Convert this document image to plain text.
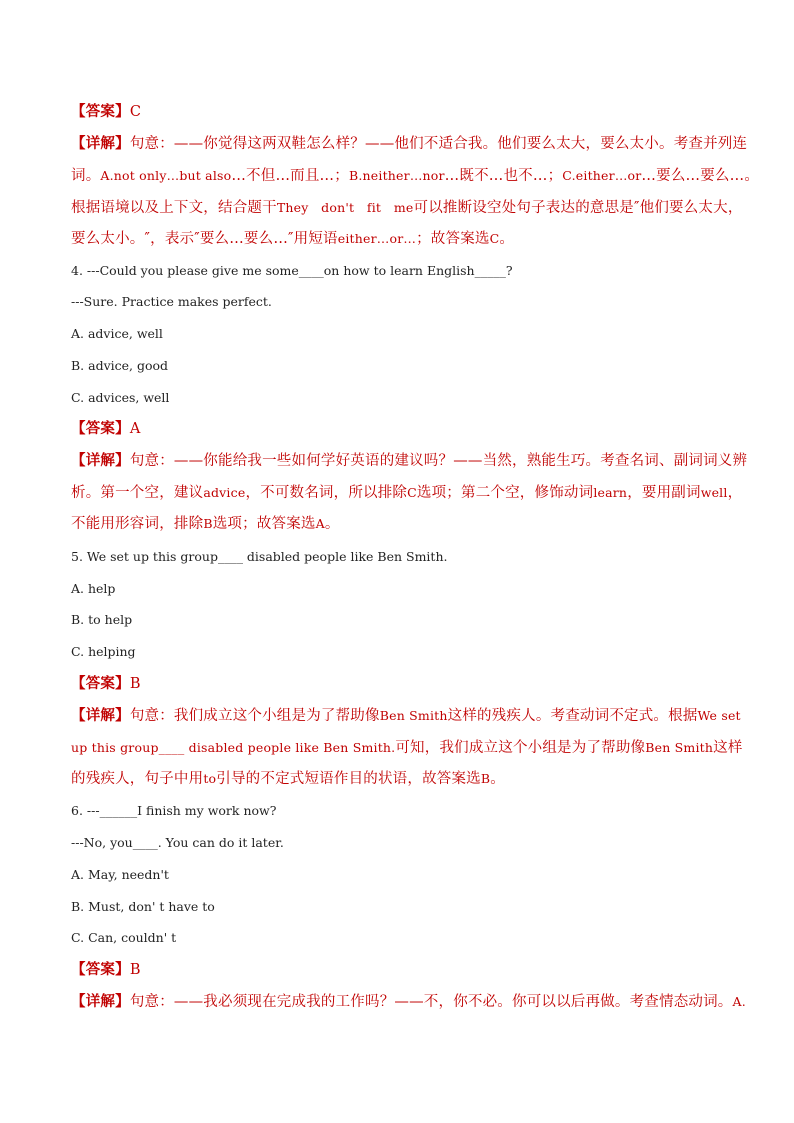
【答案】C
【详解】句意：——你觉得这两双鞋怎么样？——他们不适合我。他们要么太大，要么太小。考查并列连
词。A.not only…but also…不但…而且…；B.neither…nor…既不…也不…；C.either…or…要么…要么…。
根据语境以及上下文，结合题干They　don't　fit　me可以推断设空处句子表达的意思是″他们要么太大，
要么太小。″，表示″要么…要么…″用短语either…or…；故答案选C。
4. ---Could you please give me some____on how to learn English_____?
---Sure. Practice makes perfect.
A. advice, well
B. advice, good
C. advices, well
【答案】A
【详解】句意：——你能给我一些如何学好英语的建议吗？——当然，熟能生巧。考查名词、副词词义辨
析。第一个空，建议advice，不可数名词，所以排除C选项；第二个空，修饰动词learn，要用副词well，
不能用形容词，排除B选项；故答案选A。
5. We set up this group____ disabled people like Ben Smith.
A. help
B. to help
C. helping
【答案】B
【详解】句意：我们成立这个小组是为了帮助像Ben Smith这样的残疾人。考查动词不定式。根据We set
up this group____ disabled people like Ben Smith.可知，我们成立这个小组是为了帮助像Ben Smith这样
的残疾人，句子中用to引导的不定式短语作目的状语，故答案选B。
6. ---______I finish my work now?
---No, you____. You can do it later.
A. May, needn't
B. Must, don' t have to
C. Can, couldn' t
【答案】B
【详解】句意：——我必须现在完成我的工作吗？——不，你不必。你可以以后再做。考查情态动词。A.
